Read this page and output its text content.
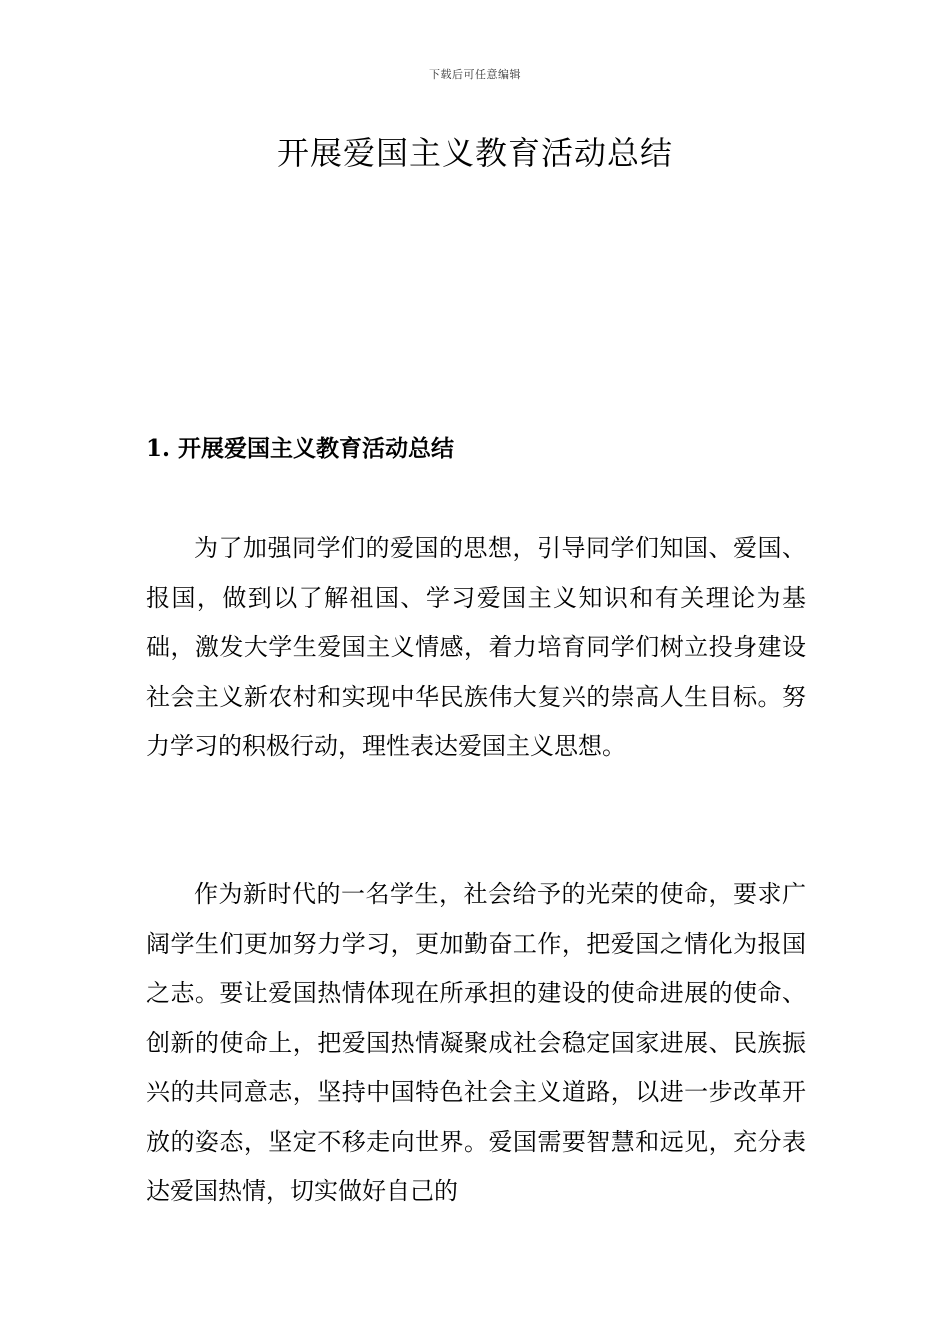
下载后可任意编辑
开展爱国主义教育活动总结
1. 开展爱国主义教育活动总结

为了加强同学们的爱国的思想，引导同学们知国、爱国、报国，做到以了解祖国、学习爱国主义知识和有关理论为基础，激发大学生爱国主义情感，着力培育同学们树立投身建设社会主义新农村和实现中华民族伟大复兴的崇高人生目标。努力学习的积极行动，理性表达爱国主义思想。

作为新时代的一名学生，社会给予的光荣的使命，要求广阔学生们更加努力学习，更加勤奋工作，把爱国之情化为报国之志。要让爱国热情体现在所承担的建设的使命进展的使命、创新的使命上，把爱国热情凝聚成社会稳定国家进展、民族振兴的共同意志，坚持中国特色社会主义道路，以进一步改革开放的姿态，坚定不移走向世界。爱国需要智慧和远见，充分表达爱国热情，切实做好自己的
